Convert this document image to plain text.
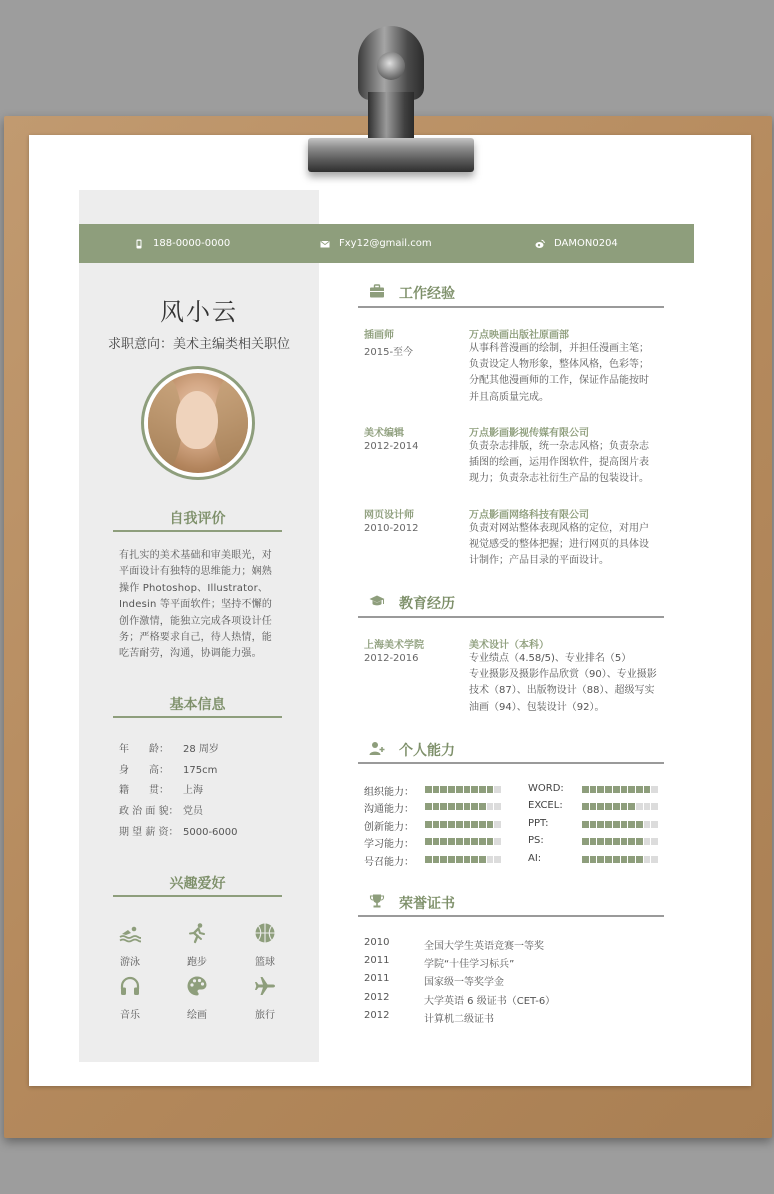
188-0000-0000	Fxy12@gmail.com	DAMON0204
风小云
求职意向：美术主编类相关职位
自我评价
有扎实的美术基础和审美眼光，对
平面设计有独特的思维能力；娴熟
操作 Photoshop、Illustrator、
Indesin 等平面软件；坚持不懈的
创作激情，能独立完成各项设计任
务；严格要求自己，待人热情，能
吃苦耐劳，沟通，协调能力强。
基本信息
年　　龄： 28 周岁
身　　高： 175cm
籍　　贯： 上海
政 治 面 貌： 党员
期 望 薪 资： 5000-6000
兴趣爱好
游泳	跑步	篮球
音乐	绘画	旅行
工作经验
插画师
2015-至今
万点映画出版社原画部
从事科普漫画的绘制，并担任漫画主笔；
负责设定人物形象，整体风格，色彩等；
分配其他漫画师的工作，保证作品能按时
并且高质量完成。
美术编辑
2012-2014
万点影画影视传媒有限公司
负责杂志排版，统一杂志风格；负责杂志
插图的绘画，运用作图软件，提高图片表
现力；负责杂志社衍生产品的包装设计。
网页设计师
2010-2012
万点影画网络科技有限公司
负责对网站整体表现风格的定位，对用户
视觉感受的整体把握；进行网页的具体设
计制作；产品目录的平面设计。
教育经历
上海美术学院
2012-2016
美术设计（本科）
专业绩点（4.58/5)、专业排名（5）
专业摄影及摄影作品欣赏（90）、专业摄影
技术（87）、出版物设计（88）、超级写实
油画（94）、包装设计（92）。
个人能力
组织能力：
沟通能力：
创新能力：
学习能力：
号召能力：
WORD:
EXCEL:
PPT:
PS:
AI:
荣誉证书
2010	全国大学生英语竞赛一等奖
2011	学院“十佳学习标兵”
2011	国家级一等奖学金
2012	大学英语 6 级证书（CET-6）
2012	计算机二级证书
